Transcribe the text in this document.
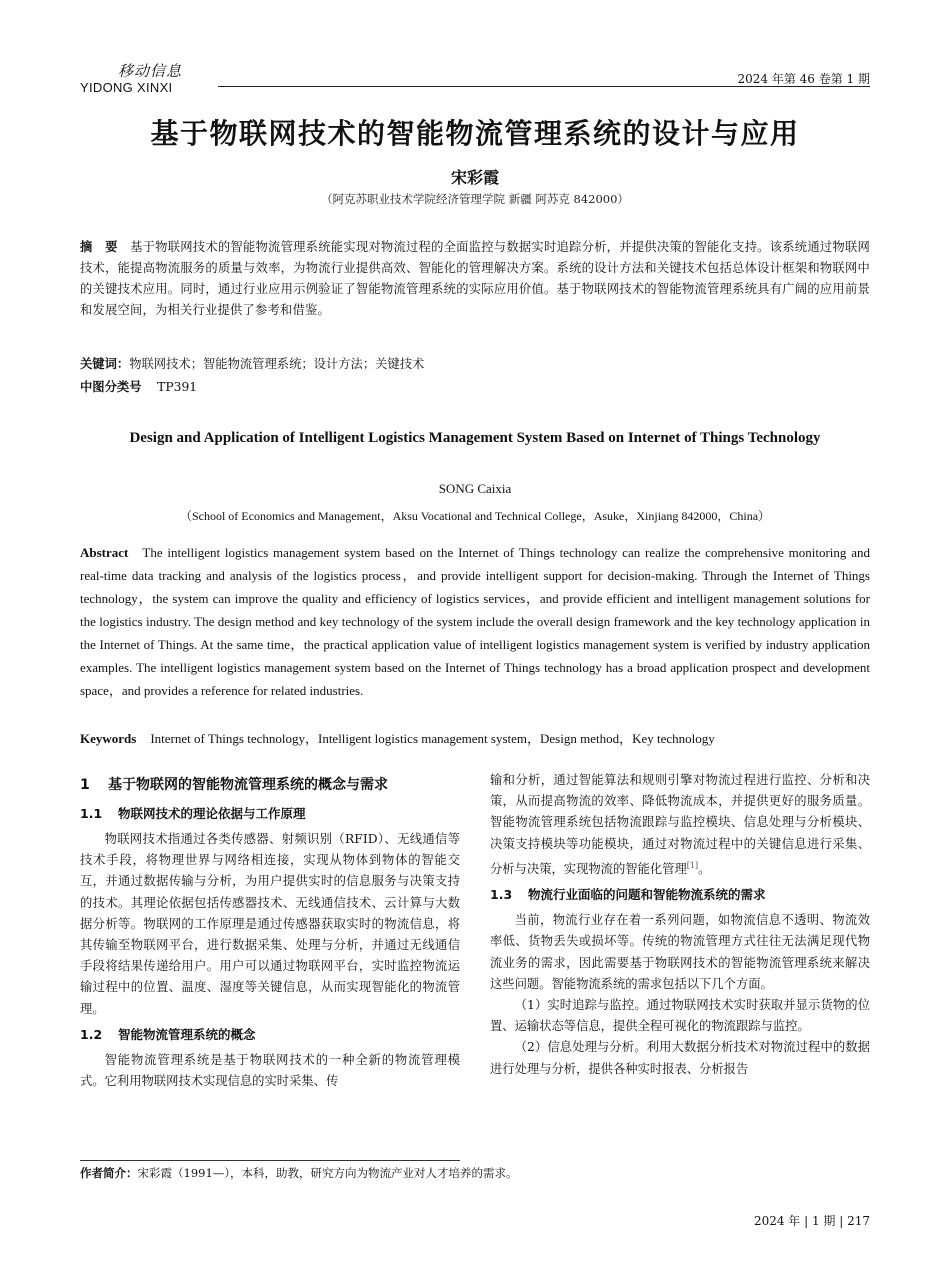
移动信息
YIDONG XINXI
2024 年第 46 卷第 1 期
基于物联网技术的智能物流管理系统的设计与应用
宋彩霞
（阿克苏职业技术学院经济管理学院 新疆 阿苏克 842000）
摘　要 基于物联网技术的智能物流管理系统能实现对物流过程的全面监控与数据实时追踪分析，并提供决策的智能化支持。该系统通过物联网技术，能提高物流服务的质量与效率，为物流行业提供高效、智能化的管理解决方案。系统的设计方法和关键技术包括总体设计框架和物联网中的关键技术应用。同时，通过行业应用示例验证了智能物流管理系统的实际应用价值。基于物联网技术的智能物流管理系统具有广阔的应用前景和发展空间，为相关行业提供了参考和借鉴。
关键词：物联网技术；智能物流管理系统；设计方法；关键技术
中图分类号 TP391
Design and Application of Intelligent Logistics Management System Based on Internet of Things Technology
SONG Caixia
（School of Economics and Management，Aksu Vocational and Technical College，Asuke，Xinjiang 842000，China）
Abstract The intelligent logistics management system based on the Internet of Things technology can realize the comprehensive monitoring and real-time data tracking and analysis of the logistics process，and provide intelligent support for decision-making. Through the Internet of Things technology，the system can improve the quality and efficiency of logistics services，and provide efficient and intelligent management solutions for the logistics industry. The design method and key technology of the system include the overall design framework and the key technology application in the Internet of Things. At the same time，the practical application value of intelligent logistics management system is verified by industry application examples. The intelligent logistics management system based on the Internet of Things technology has a broad application prospect and development space，and provides a reference for related industries.
Keywords Internet of Things technology，Intelligent logistics management system，Design method，Key technology
1	基于物联网的智能物流管理系统的概念与需求
1.1 物联网技术的理论依据与工作原理

物联网技术指通过各类传感器、射频识别（RFID）、无线通信等技术手段，将物理世界与网络相连接，实现从物体到物体的智能交互，并通过数据传输与分析，为用户提供实时的信息服务与决策支持的技术。其理论依据包括传感器技术、无线通信技术、云计算与大数据分析等。物联网的工作原理是通过传感器获取实时的物流信息，将其传输至物联网平台，进行数据采集、处理与分析，并通过无线通信手段将结果传递给用户。用户可以通过物联网平台，实时监控物流运输过程中的位置、温度、湿度等关键信息，从而实现智能化的物流管理。

1.2 智能物流管理系统的概念

智能物流管理系统是基于物联网技术的一种全新的物流管理模式。它利用物联网技术实现信息的实时采集、传

输和分析，通过智能算法和规则引擎对物流过程进行监控、分析和决策，从而提高物流的效率、降低物流成本，并提供更好的服务质量。智能物流管理系统包括物流跟踪与监控模块、信息处理与分析模块、决策支持模块等功能模块，通过对物流过程中的关键信息进行采集、分析与决策，实现物流的智能化管理[1]。

1.3 物流行业面临的问题和智能物流系统的需求

当前，物流行业存在着一系列问题，如物流信息不透明、物流效率低、货物丢失或损坏等。传统的物流管理方式往往无法满足现代物流业务的需求，因此需要基于物联网技术的智能物流管理系统来解决这些问题。智能物流系统的需求包括以下几个方面。

（1）实时追踪与监控。通过物联网技术实时获取并显示货物的位置、运输状态等信息，提供全程可视化的物流跟踪与监控。

（2）信息处理与分析。利用大数据分析技术对物流过程中的数据进行处理与分析，提供各种实时报表、分析报告

作者简介：宋彩霞（1991—），本科，助教，研究方向为物流产业对人才培养的需求。
2024 年 | 1 期 | 217
